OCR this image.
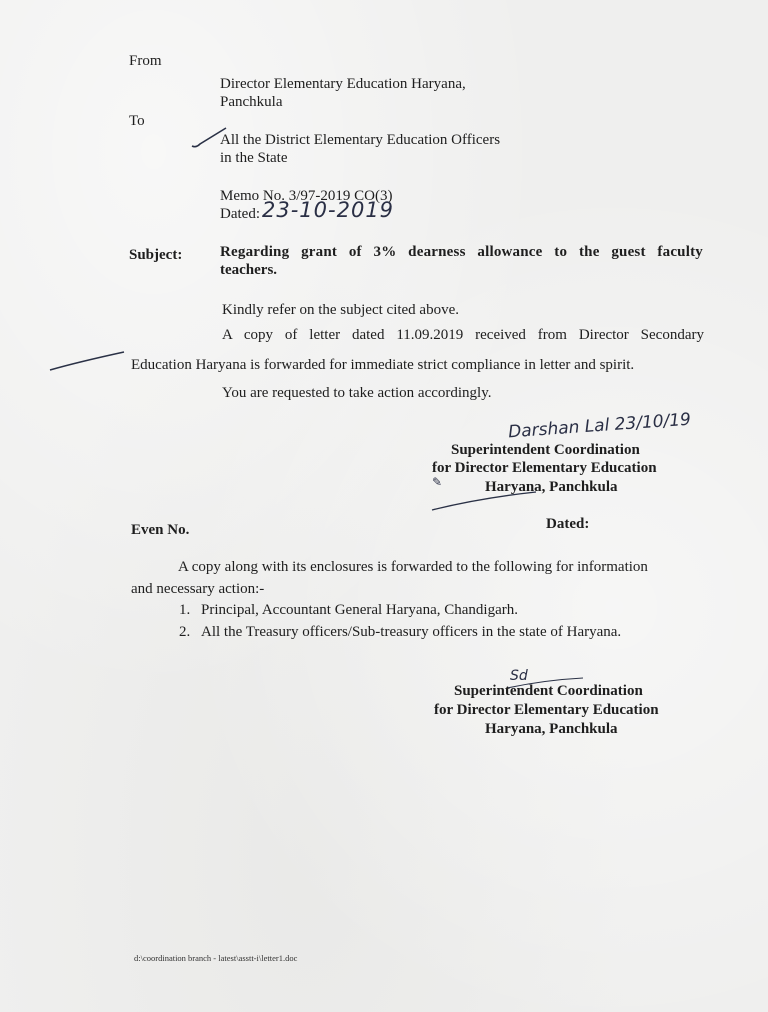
From
Director Elementary Education Haryana,
Panchkula
To
All the District Elementary Education Officers
in the State
Memo No. 3/97-2019 CO(3)
Dated: 23-10-2019
Subject:	Regarding grant of 3% dearness allowance to the guest faculty
teachers.
Kindly refer on the subject cited above.
A copy of letter dated 11.09.2019 received from Director Secondary
Education Haryana is forwarded for immediate strict compliance in letter and spirit.
You are requested to take action accordingly.
Darshan Lal 23/10/19
Superintendent Coordination
for Director Elementary Education
✎	Haryana, Panchkula
Even No.	Dated:
A copy along with its enclosures is forwarded to the following for information
and necessary action:-
1. Principal, Accountant General Haryana, Chandigarh.
2. All the Treasury officers/Sub-treasury officers in the state of Haryana.
Sd
Superintendent Coordination
for Director Elementary Education
Haryana, Panchkula
d:\coordination branch - latest\asstt-i\letter1.doc
